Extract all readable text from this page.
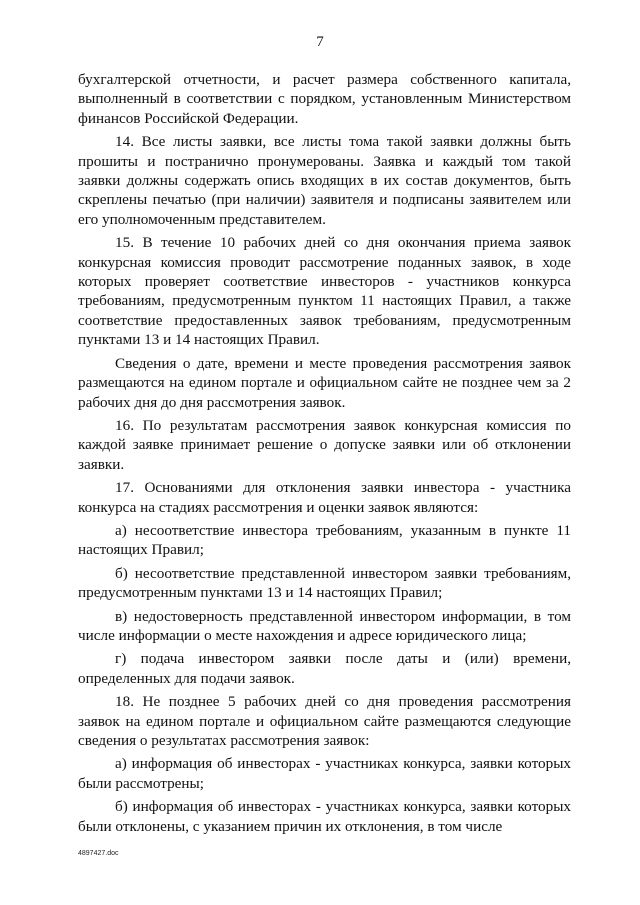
7

бухгалтерской отчетности, и расчет размера собственного капитала, выполненный в соответствии с порядком, установленным Министерством финансов Российской Федерации.

14. Все листы заявки, все листы тома такой заявки должны быть прошиты и постранично пронумерованы. Заявка и каждый том такой заявки должны содержать опись входящих в их состав документов, быть скреплены печатью (при наличии) заявителя и подписаны заявителем или его уполномоченным представителем.

15. В течение 10 рабочих дней со дня окончания приема заявок конкурсная комиссия проводит рассмотрение поданных заявок, в ходе которых проверяет соответствие инвесторов - участников конкурса требованиям, предусмотренным пунктом 11 настоящих Правил, а также соответствие предоставленных заявок требованиям, предусмотренным пунктами 13 и 14 настоящих Правил.

Сведения о дате, времени и месте проведения рассмотрения заявок размещаются на едином портале и официальном сайте не позднее чем за 2 рабочих дня до дня рассмотрения заявок.

16. По результатам рассмотрения заявок конкурсная комиссия по каждой заявке принимает решение о допуске заявки или об отклонении заявки.

17. Основаниями для отклонения заявки инвестора - участника конкурса на стадиях рассмотрения и оценки заявок являются:

а) несоответствие инвестора требованиям, указанным в пункте 11 настоящих Правил;

б) несоответствие представленной инвестором заявки требованиям, предусмотренным пунктами 13 и 14 настоящих Правил;

в) недостоверность представленной инвестором информации, в том числе информации о месте нахождения и адресе юридического лица;

г) подача инвестором заявки после даты и (или) времени, определенных для подачи заявок.

18. Не позднее 5 рабочих дней со дня проведения рассмотрения заявок на едином портале и официальном сайте размещаются следующие сведения о результатах рассмотрения заявок:

а) информация об инвесторах - участниках конкурса, заявки которых были рассмотрены;

б) информация об инвесторах - участниках конкурса, заявки которых были отклонены, с указанием причин их отклонения, в том числе

4897427.doc
